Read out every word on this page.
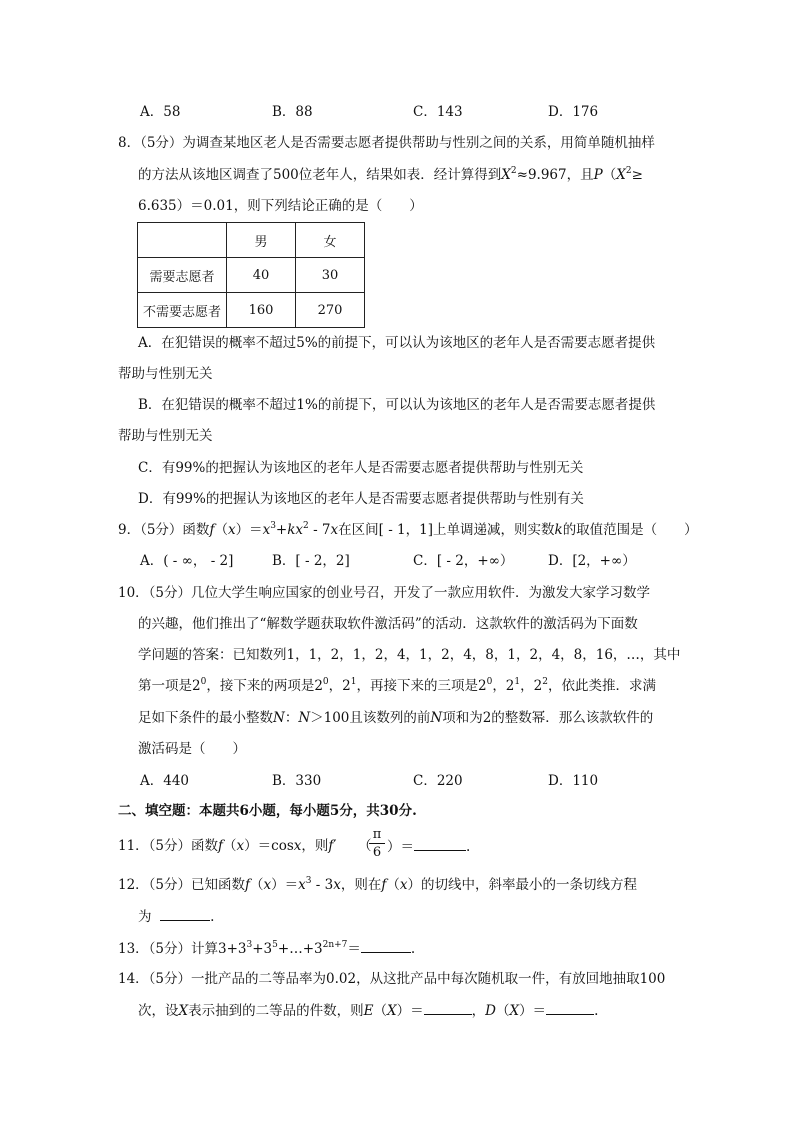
A．58	B．88	C．143	D．176
8．（5分）为调查某地区老人是否需要志愿者提供帮助与性别之间的关系，用简单随机抽样
的方法从该地区调查了500位老年人，结果如表．经计算得到$X^2\approx 9.967$，且$P(X^2\ge$
6.635）＝0.01，则下列结论正确的是（　　）
	男	女
需要志愿者	40	30
不需要志愿者	160	270
A．在犯错误的概率不超过5%的前提下，可以认为该地区的老年人是否需要志愿者提供
帮助与性别无关
B．在犯错误的概率不超过1%的前提下，可以认为该地区的老年人是否需要志愿者提供
帮助与性别无关
C．有99%的把握认为该地区的老年人是否需要志愿者提供帮助与性别无关
D．有99%的把握认为该地区的老年人是否需要志愿者提供帮助与性别有关
9．（5分）函数$f(x)=x^3+kx^2 - 7x$在区间[ - 1，1]上单调递减，则实数k的取值范围是（　　）
A．( - ∞， - 2]	B．[ - 2，2]	C．[ - 2，+∞）	D．[2，+∞）
10．（5分）几位大学生响应国家的创业号召，开发了一款应用软件．为激发大家学习数学
的兴趣，他们推出了“解数学题获取软件激活码”的活动．这款软件的激活码为下面数
学问题的答案：已知数列1，1，2，1，2，4，1，2，4，8，1，2，4，8，16，…，其中
第一项是$2^0$，接下来的两项是$2^0$，$2^1$，再接下来的三项是$2^0$，$2^1$，$2^2$，依此类推．求满
足如下条件的最小整数N：N＞100且该数列的前N项和为2的整数幂．那么该款软件的
激活码是（　　）
A．440	B．330	C．220	D．110
二、填空题：本题共6小题，每小题5分，共30分.
11．（5分）函数f（x）＝cosx，则f′ （
$\frac{\pi}{6}$ ）＝	.
12．（5分）已知函数$f(x)=x^3 - 3x$，则在f（x）的切线中，斜率最小的一条切线方程
为	.
13．（5分）计算$3+3^3+3^5+\dots+3^{2n+7}=$	.
14．（5分）一批产品的二等品率为0.02，从这批产品中每次随机取一件，有放回地抽取100
次，设X表示抽到的二等品的件数，则E（X）＝	，D（X）＝	.
